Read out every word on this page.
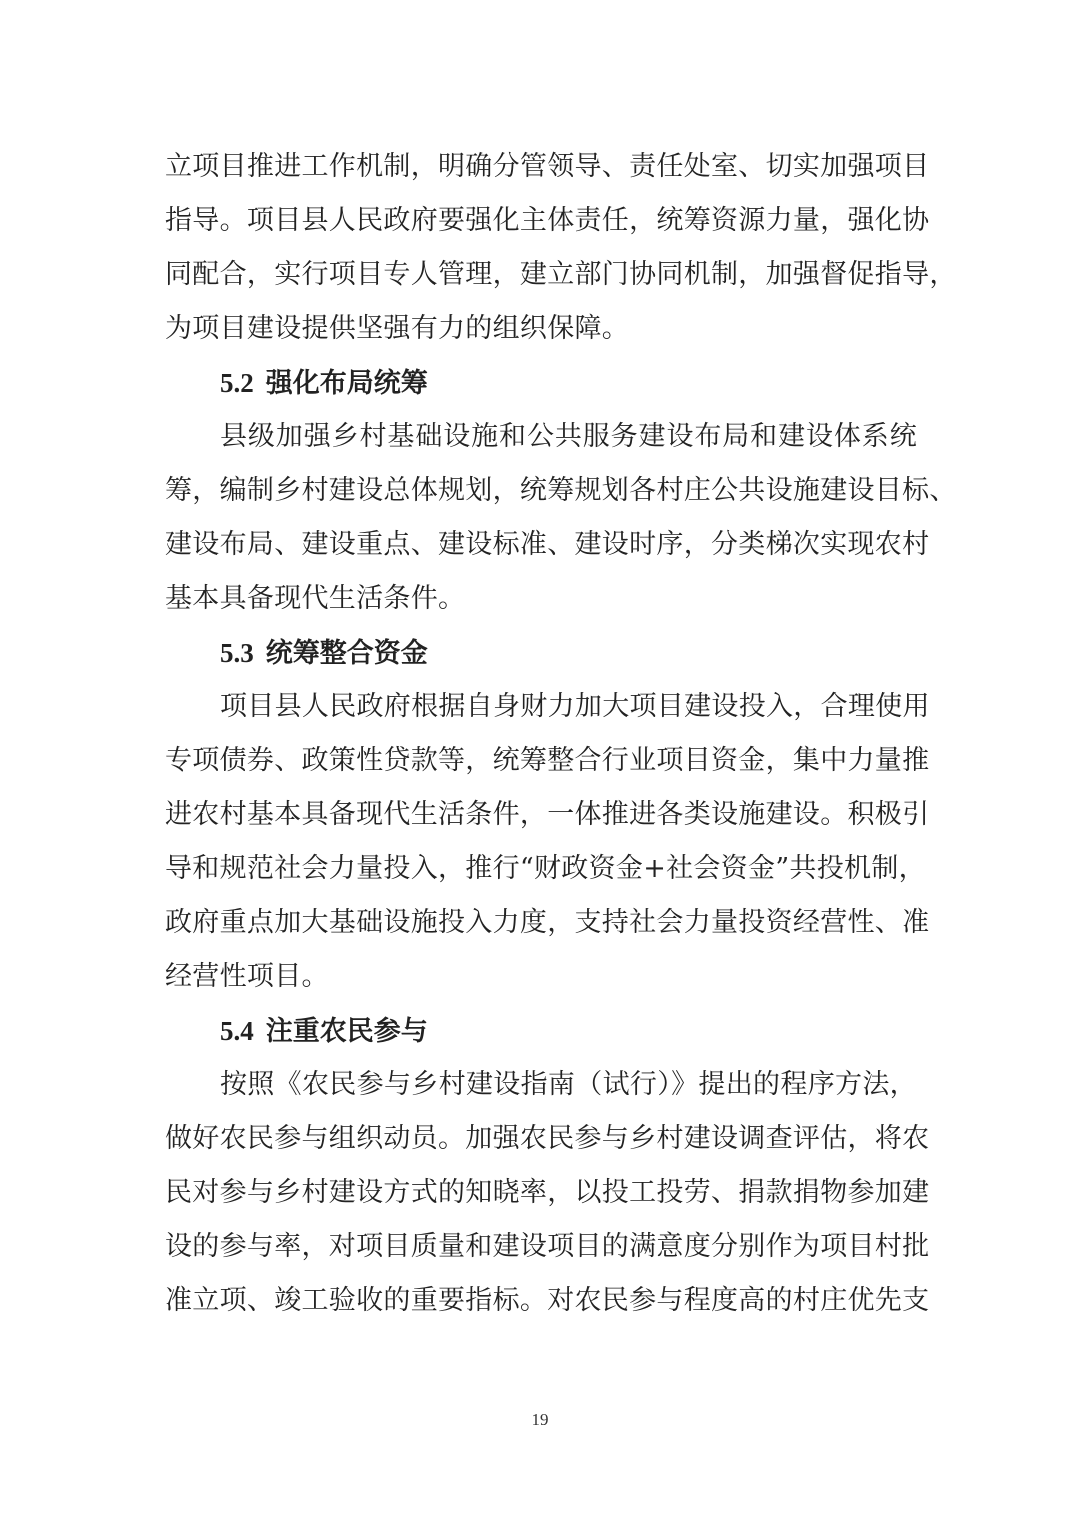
立项目推进工作机制，明确分管领导、责任处室、切实加强项目

指导。项目县人民政府要强化主体责任，统筹资源力量，强化协

同配合，实行项目专人管理，建立部门协同机制，加强督促指导，

为项目建设提供坚强有力的组织保障。

5.2 强化布局统筹

县级加强乡村基础设施和公共服务建设布局和建设体系统

筹，编制乡村建设总体规划，统筹规划各村庄公共设施建设目标、

建设布局、建设重点、建设标准、建设时序，分类梯次实现农村

基本具备现代生活条件。

5.3 统筹整合资金

项目县人民政府根据自身财力加大项目建设投入，合理使用

专项债券、政策性贷款等，统筹整合行业项目资金，集中力量推

进农村基本具备现代生活条件，一体推进各类设施建设。积极引

导和规范社会力量投入，推行“财政资金+社会资金”共投机制，

政府重点加大基础设施投入力度，支持社会力量投资经营性、准

经营性项目。

5.4 注重农民参与

按照《农民参与乡村建设指南（试行）》提出的程序方法，

做好农民参与组织动员。加强农民参与乡村建设调查评估，将农

民对参与乡村建设方式的知晓率，以投工投劳、捐款捐物参加建

设的参与率，对项目质量和建设项目的满意度分别作为项目村批

准立项、竣工验收的重要指标。对农民参与程度高的村庄优先支

19
